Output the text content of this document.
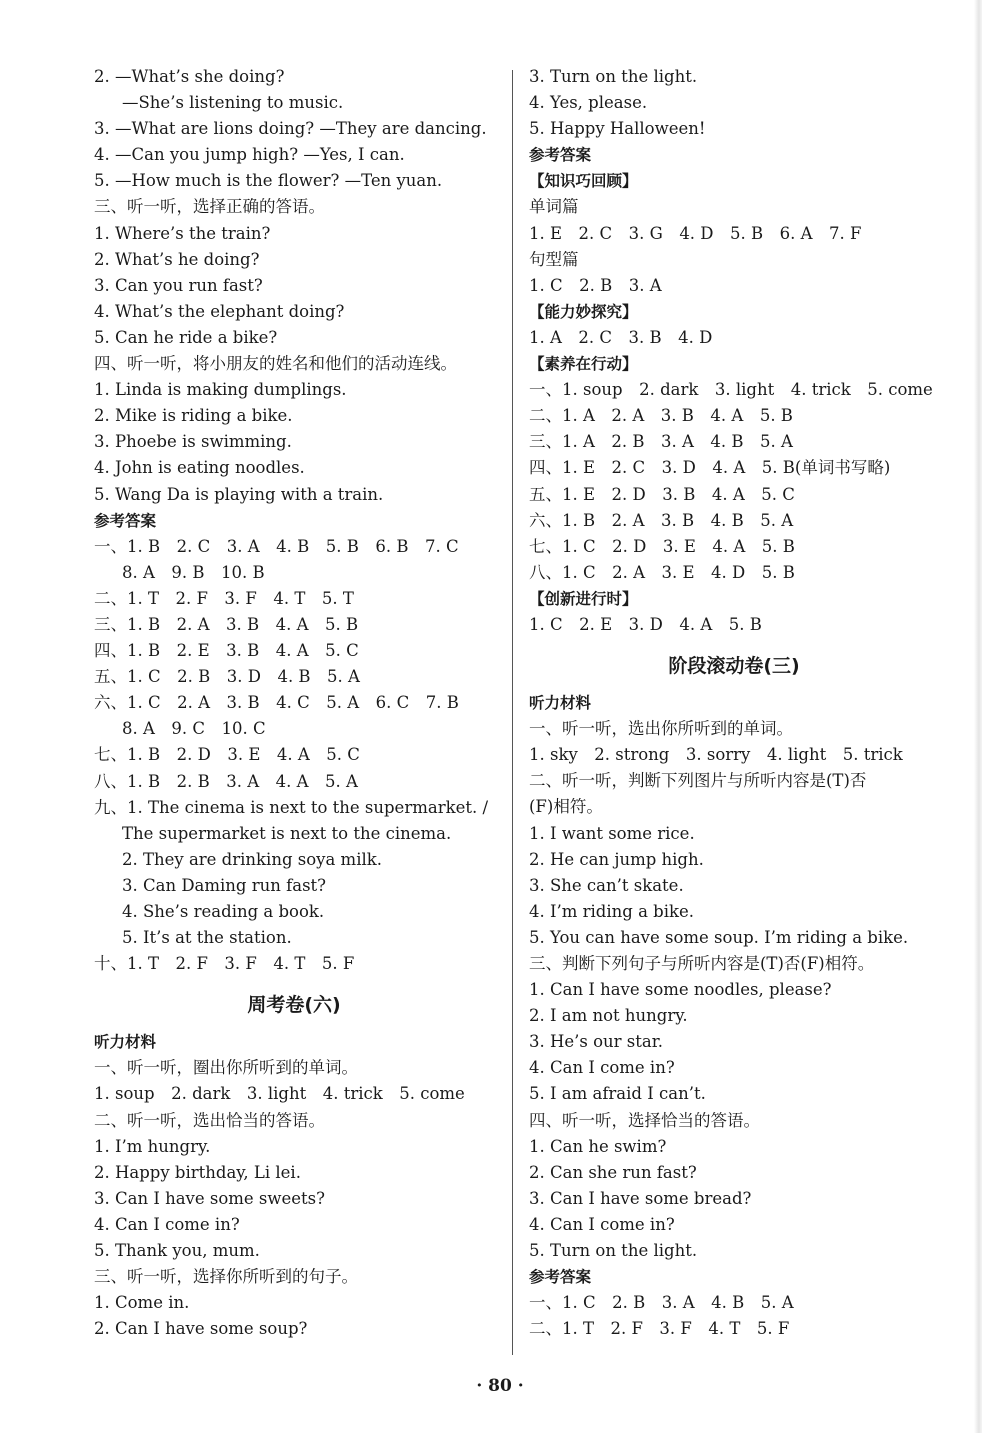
2. —What’s she doing?
—She’s listening to music.
3. —What are lions doing? —They are dancing.
4. —Can you jump high? —Yes, I can.
5. —How much is the flower? —Ten yuan.
三、听一听，选择正确的答语。
1. Where’s the train?
2. What’s he doing?
3. Can you run fast?
4. What’s the elephant doing?
5. Can he ride a bike?
四、听一听，将小朋友的姓名和他们的活动连线。
1. Linda is making dumplings.
2. Mike is riding a bike.
3. Phoebe is swimming.
4. John is eating noodles.
5. Wang Da is playing with a train.
参考答案
一、1. B　2. C　3. A　4. B　5. B　6. B　7. C
8. A　9. B　10. B
二、1. T　2. F　3. F　4. T　5. T
三、1. B　2. A　3. B　4. A　5. B
四、1. B　2. E　3. B　4. A　5. C
五、1. C　2. B　3. D　4. B　5. A
六、1. C　2. A　3. B　4. C　5. A　6. C　7. B
8. A　9. C　10. C
七、1. B　2. D　3. E　4. A　5. C
八、1. B　2. B　3. A　4. A　5. A
九、1. The cinema is next to the supermarket. /
The supermarket is next to the cinema.
2. They are drinking soya milk.
3. Can Daming run fast?
4. She’s reading a book.
5. It’s at the station.
十、1. T　2. F　3. F　4. T　5. F
周考卷(六)
听力材料
一、听一听，圈出你所听到的单词。
1. soup　2. dark　3. light　4. trick　5. come
二、听一听，选出恰当的答语。
1. I’m hungry.
2. Happy birthday, Li lei.
3. Can I have some sweets?
4. Can I come in?
5. Thank you, mum.
三、听一听，选择你所听到的句子。
1. Come in.
2. Can I have some soup?
3. Turn on the light.
4. Yes, please.
5. Happy Halloween!
参考答案
【知识巧回顾】
单词篇
1. E　2. C　3. G　4. D　5. B　6. A　7. F
句型篇
1. C　2. B　3. A
【能力妙探究】
1. A　2. C　3. B　4. D
【素养在行动】
一、1. soup　2. dark　3. light　4. trick　5. come
二、1. A　2. A　3. B　4. A　5. B
三、1. A　2. B　3. A　4. B　5. A
四、1. E　2. C　3. D　4. A　5. B(单词书写略)
五、1. E　2. D　3. B　4. A　5. C
六、1. B　2. A　3. B　4. B　5. A
七、1. C　2. D　3. E　4. A　5. B
八、1. C　2. A　3. E　4. D　5. B
【创新进行时】
1. C　2. E　3. D　4. A　5. B
阶段滚动卷(三)
听力材料
一、听一听，选出你所听到的单词。
1. sky　2. strong　3. sorry　4. light　5. trick
二、听一听，判断下列图片与所听内容是(T)否
(F)相符。
1. I want some rice.
2. He can jump high.
3. She can’t skate.
4. I’m riding a bike.
5. You can have some soup. I’m riding a bike.
三、判断下列句子与所听内容是(T)否(F)相符。
1. Can I have some noodles, please?
2. I am not hungry.
3. He’s our star.
4. Can I come in?
5. I am afraid I can’t.
四、听一听，选择恰当的答语。
1. Can he swim?
2. Can she run fast?
3. Can I have some bread?
4. Can I come in?
5. Turn on the light.
参考答案
一、1. C　2. B　3. A　4. B　5. A
二、1. T　2. F　3. F　4. T　5. F
· 80 ·
